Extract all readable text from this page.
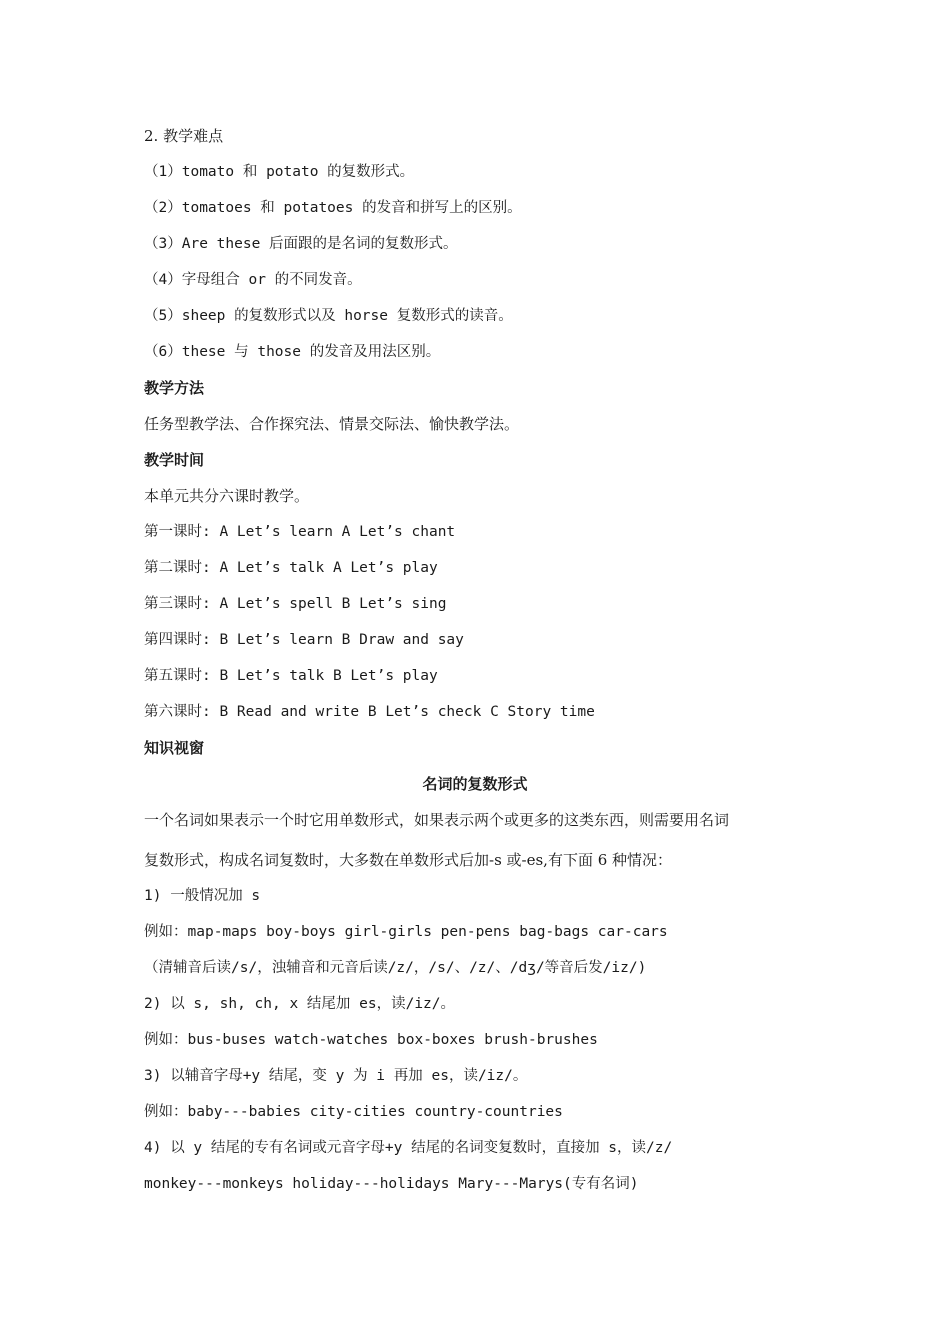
2. 教学难点
（1）tomato 和 potato 的复数形式。
（2）tomatoes 和 potatoes 的发音和拼写上的区别。
（3）Are these 后面跟的是名词的复数形式。
（4）字母组合 or 的不同发音。
（5）sheep 的复数形式以及 horse 复数形式的读音。
（6）these 与 those 的发音及用法区别。
教学方法
任务型教学法、合作探究法、情景交际法、愉快教学法。
教学时间
本单元共分六课时教学。
第一课时: A Let’s learn A Let’s chant
第二课时: A Let’s talk A Let’s play
第三课时: A Let’s spell B Let’s sing
第四课时: B Let’s learn B Draw and say
第五课时: B Let’s talk B Let’s play
第六课时: B Read and write B Let’s check C Story time
知识视窗
名词的复数形式
一个名词如果表示一个时它用单数形式，如果表示两个或更多的这类东西，则需要用名词
复数形式，构成名词复数时，大多数在单数形式后加-s 或-es,有下面 6 种情况：
1) 一般情况加 s
例如：map-maps boy-boys girl-girls pen-pens bag-bags car-cars
（清辅音后读/s/，浊辅音和元音后读/z/，/s/、/z/、/dʒ/等音后发/iz/)
2) 以 s, sh, ch, x 结尾加 es，读/iz/。
例如：bus-buses watch-watches box-boxes brush-brushes
3) 以辅音字母+y 结尾，变 y 为 i 再加 es，读/iz/。
例如：baby---babies city-cities country-countries
4) 以 y 结尾的专有名词或元音字母+y 结尾的名词变复数时，直接加 s，读/z/
monkey---monkeys holiday---holidays Mary---Marys(专有名词)
